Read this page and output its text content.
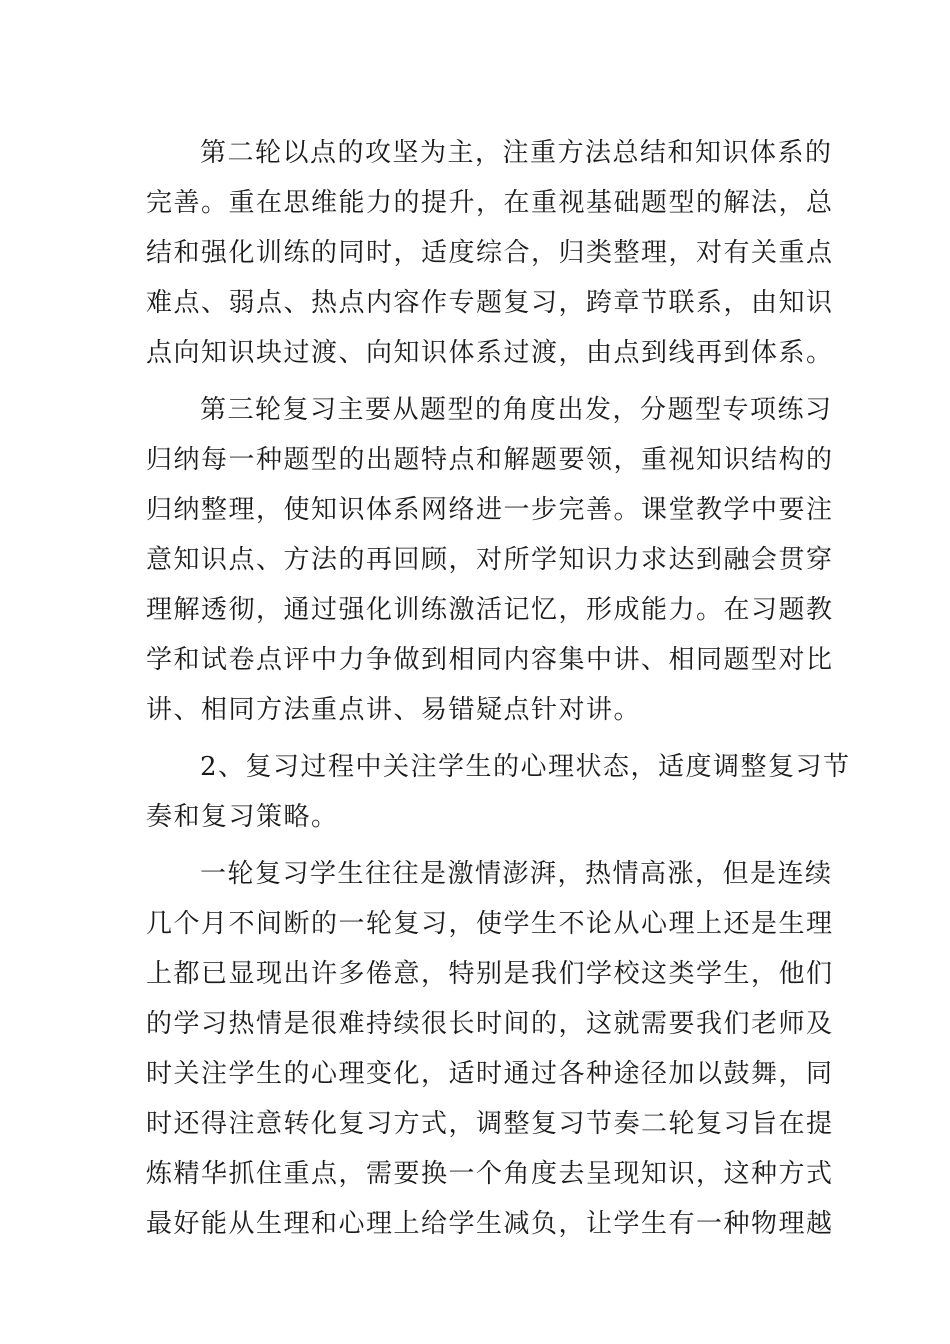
第二轮以点的攻坚为主，注重方法总结和知识体系的
完善。重在思维能力的提升，在重视基础题型的解法，总
结和强化训练的同时，适度综合，归类整理，对有关重点
难点、弱点、热点内容作专题复习，跨章节联系，由知识
点向知识块过渡、向知识体系过渡，由点到线再到体系。

第三轮复习主要从题型的角度出发，分题型专项练习
归纳每一种题型的出题特点和解题要领，重视知识结构的
归纳整理，使知识体系网络进一步完善。课堂教学中要注
意知识点、方法的再回顾，对所学知识力求达到融会贯穿
理解透彻，通过强化训练激活记忆，形成能力。在习题教
学和试卷点评中力争做到相同内容集中讲、相同题型对比
讲、相同方法重点讲、易错疑点针对讲。

2、复习过程中关注学生的心理状态，适度调整复习节
奏和复习策略。

一轮复习学生往往是激情澎湃，热情高涨，但是连续
几个月不间断的一轮复习，使学生不论从心理上还是生理
上都已显现出许多倦意，特别是我们学校这类学生，他们
的学习热情是很难持续很长时间的，这就需要我们老师及
时关注学生的心理变化，适时通过各种途径加以鼓舞，同
时还得注意转化复习方式，调整复习节奏二轮复习旨在提
炼精华抓住重点，需要换一个角度去呈现知识，这种方式
最好能从生理和心理上给学生减负，让学生有一种物理越
